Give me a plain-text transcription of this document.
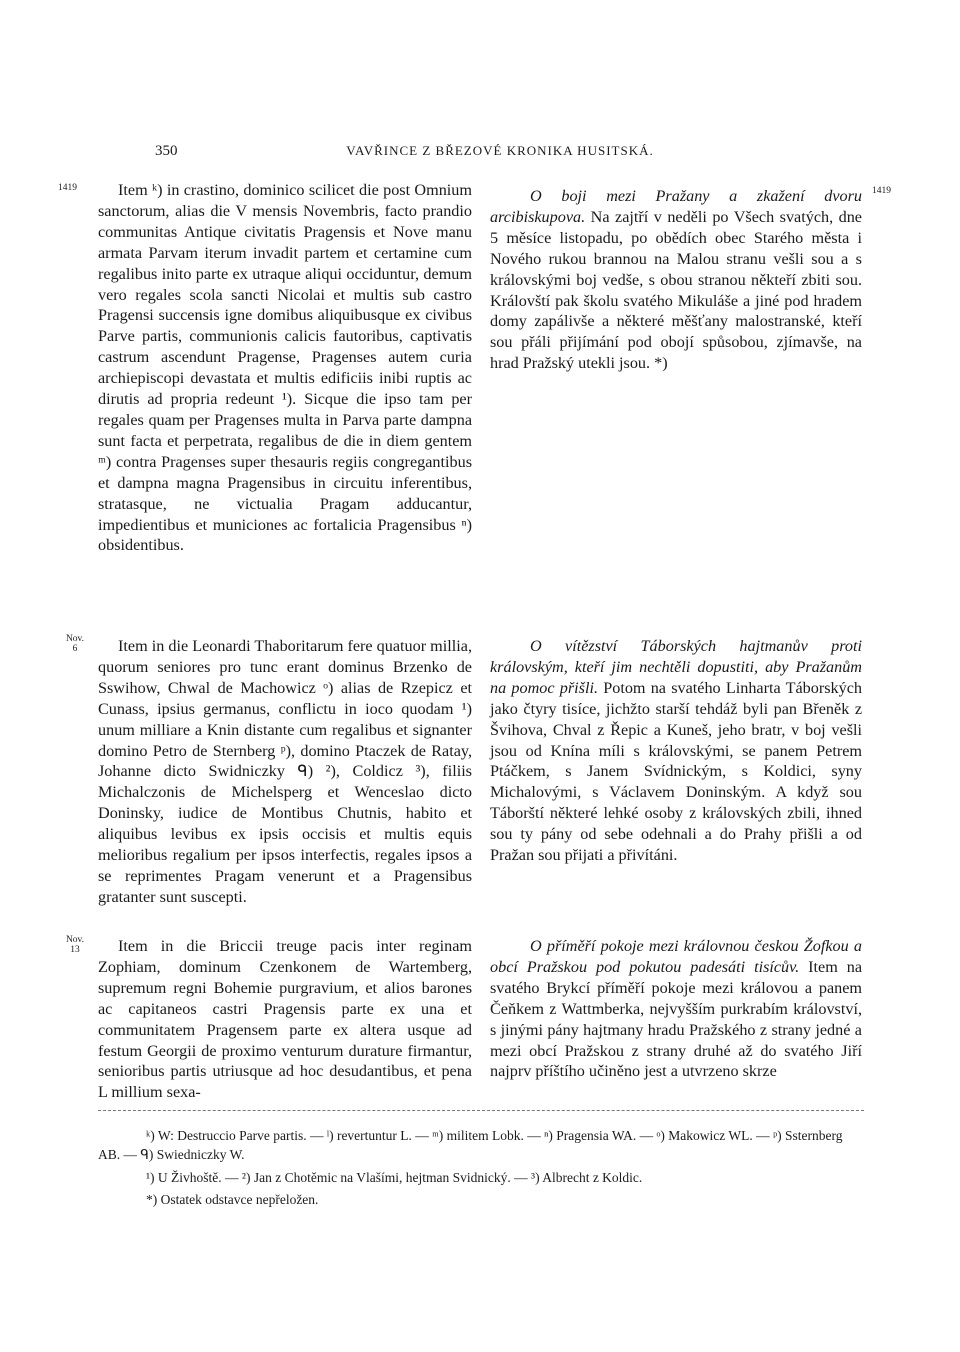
350	VAVŘINCE Z BŘEZOVÉ KRONIKA HUSITSKÁ.
1419	1419
Nov.
6
Nov.
13

Item ᵏ) in crastino, dominico scilicet die post Omnium sanctorum, alias die V mensis Novembris, facto prandio communitas Antique civitatis Pragensis et Nove manu armata Parvam iterum invadit partem et certamine cum regalibus inito parte ex utraque aliqui occiduntur, demum vero regales scola sancti Nicolai et multis sub castro Pragensi succensis igne domibus aliquibusque ex civibus Parve partis, communionis calicis fautoribus, captivatis castrum ascendunt Pragense, Pragenses autem curia archiepiscopi devastata et multis edificiis inibi ruptis ac dirutis ad propria redeunt ¹). Sicque die ipso tam per regales quam per Pragenses multa in Parva parte dampna sunt facta et perpetrata, regalibus de die in diem gentem ᵐ) contra Pragenses super thesauris regiis congregantibus et dampna magna Pragensibus in circuitu inferentibus, stratasque, ne victualia Pragam adducantur, impedientibus et municiones ac fortalicia Pragensibus ⁿ) obsidentibus.

Item in die Leonardi Thaboritarum fere quatuor millia, quorum seniores pro tunc erant dominus Brzenko de Sswihow, Chwal de Machowicz ᵒ) alias de Rzepicz et Cunass, ipsius germanus, conflictu in ioco quodam ¹) unum milliare a Knin distante cum regalibus et signanter domino Petro de Sternberg ᵖ), domino Ptaczek de Ratay, Johanne dicto Swidniczky ᑫ) ²), Coldicz ³), filiis Michalczonis de Michelsperg et Wenceslao dicto Doninsky, iudice de Montibus Chutnis, habito et aliquibus levibus ex ipsis occisis et multis equis melioribus regalium per ipsos interfectis, regales ipsos a se reprimentes Pragam venerunt et a Pragensibus gratanter sunt suscepti.

Item in die Briccii treuge pacis inter reginam Zophiam, dominum Czenkonem de Wartemberg, supremum regni Bohemie purgravium, et alios barones ac capitaneos castri Pragensis parte ex una et communitatem Pragensem parte ex altera usque ad festum Georgii de proximo venturum durature firmantur, senioribus partis utriusque ad hoc desudantibus, et pena L millium sexa-

O boji mezi Pražany a zkažení dvoru arcibiskupova. Na zajtří v neděli po Všech svatých, dne 5 měsíce listopadu, po obědích obec Starého města i Nového rukou brannou na Malou stranu vešli sou a s královskými boj vedše, s obou stranou někteří zbiti sou. Královští pak školu svatého Mikuláše a jiné pod hradem domy zapálivše a některé měšťany malostranské, kteří sou přáli přijímání pod obojí spůsobou, zjímavše, na hrad Pražský utekli jsou. *)

O vítězství Táborských hajtmanův proti královským, kteří jim nechtěli dopustiti, aby Pražanům na pomoc přišli. Potom na svatého Linharta Táborských jako čtyry tisíce, jichžto starší tehdáž byli pan Břeněk z Švihova, Chval z Řepic a Kuneš, jeho bratr, v boj vešli jsou od Knína míli s královskými, se panem Petrem Ptáčkem, s Janem Svídnickým, s Koldici, syny Michalovými, s Václavem Doninským. A když sou Táborští některé lehké osoby z královských zbili, ihned sou ty pány od sebe odehnali a do Prahy přišli a od Pražan sou přijati a přivítáni.

O příměří pokoje mezi královnou českou Žofkou a obcí Pražskou pod pokutou padesáti tisícův. Item na svatého Brykcí příměří pokoje mezi královou a panem Čeňkem z Wattmberka, nejvyšším purkrabím království, s jinými pány hajtmany hradu Pražského z strany jedné a mezi obcí Pražskou z strany druhé až do svatého Jiří najprv příštího učiněno jest a utvrzeno skrze

ᵏ) W: Destruccio Parve partis. — ˡ) revertuntur L. — ᵐ) militem Lobk. — ⁿ) Pragensia WA. — ᵒ) Makowicz WL. — ᵖ) Ssternberg AB. — ᑫ) Swiedniczky W.

¹) U Živhoště. — ²) Jan z Chotěmic na Vlašími, hejtman Svidnický. — ³) Albrecht z Koldic.

*) Ostatek odstavce nepřeložen.
